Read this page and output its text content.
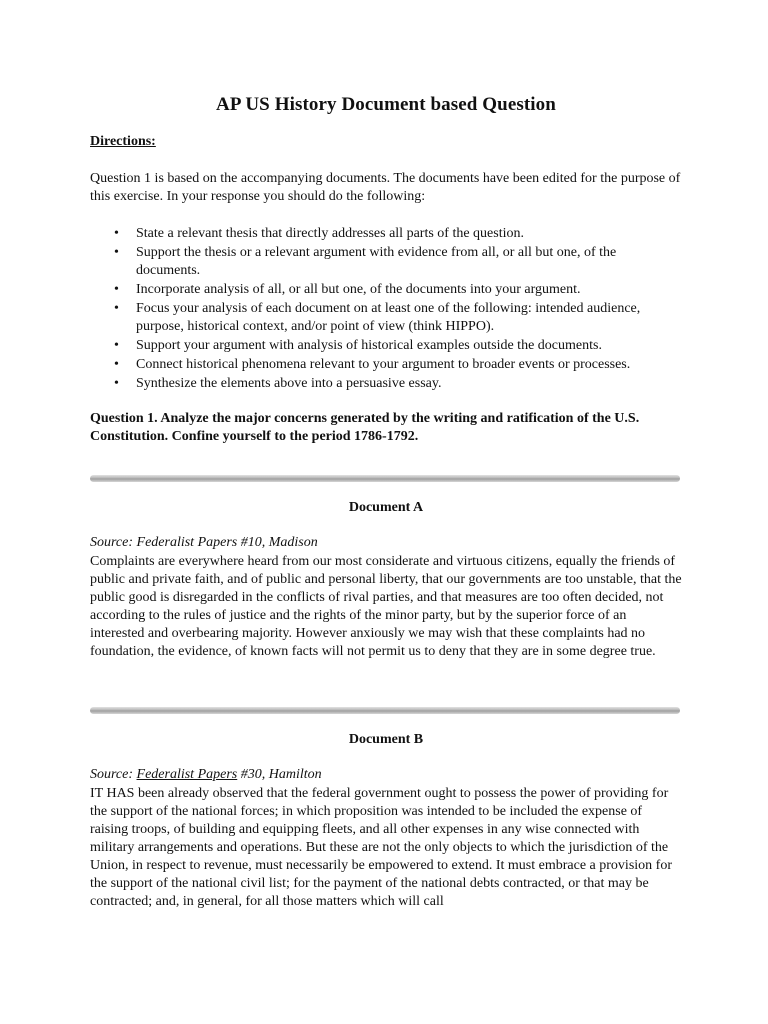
AP US History Document based Question
Directions:

Question 1 is based on the accompanying documents. The documents have been edited for the purpose of this exercise. In your response you should do the following:

• State a relevant thesis that directly addresses all parts of the question.
• Support the thesis or a relevant argument with evidence from all, or all but one, of the documents.
• Incorporate analysis of all, or all but one, of the documents into your argument.
• Focus your analysis of each document on at least one of the following: intended audience, purpose, historical context, and/or point of view (think HIPPO).
• Support your argument with analysis of historical examples outside the documents.
• Connect historical phenomena relevant to your argument to broader events or processes.
• Synthesize the elements above into a persuasive essay.

Question 1. Analyze the major concerns generated by the writing and ratification of the U.S. Constitution. Confine yourself to the period 1786-1792.

Document A
Source: Federalist Papers #10, Madison

Complaints are everywhere heard from our most considerate and virtuous citizens, equally the friends of public and private faith, and of public and personal liberty, that our governments are too unstable, that the public good is disregarded in the conflicts of rival parties, and that measures are too often decided, not according to the rules of justice and the rights of the minor party, but by the superior force of an interested and overbearing majority. However anxiously we may wish that these complaints had no foundation, the evidence, of known facts will not permit us to deny that they are in some degree true.

Document B
Source: Federalist Papers #30, Hamilton

IT HAS been already observed that the federal government ought to possess the power of providing for the support of the national forces; in which proposition was intended to be included the expense of raising troops, of building and equipping fleets, and all other expenses in any wise connected with military arrangements and operations. But these are not the only objects to which the jurisdiction of the Union, in respect to revenue, must necessarily be empowered to extend. It must embrace a provision for the support of the national civil list; for the payment of the national debts contracted, or that may be contracted; and, in general, for all those matters which will call
